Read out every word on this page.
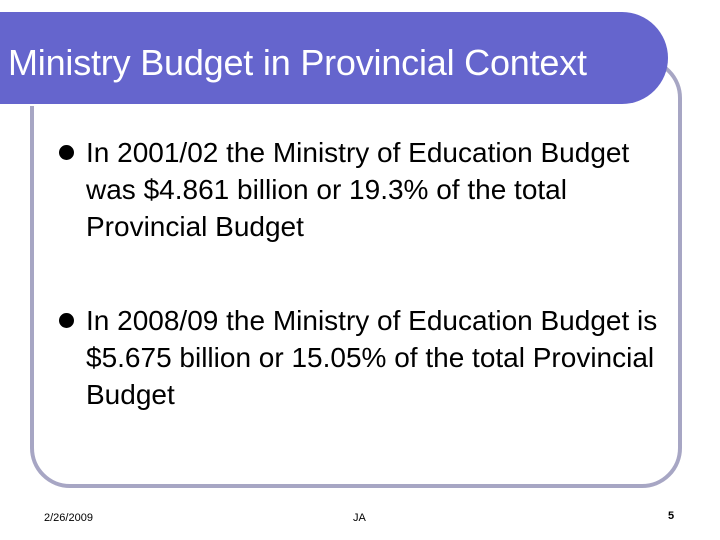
Ministry Budget in Provincial Context
In 2001/02 the Ministry of Education Budget was $4.861 billion or 19.3% of the total Provincial Budget
In 2008/09 the Ministry of Education Budget is $5.675 billion or 15.05% of the total Provincial Budget
2/26/2009	JA	5
